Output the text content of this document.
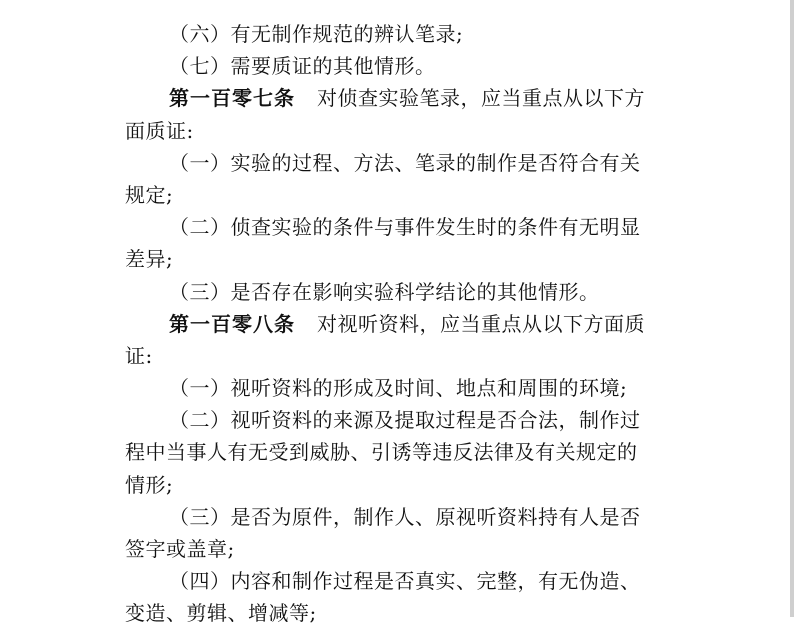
（六）有无制作规范的辨认笔录;
（七）需要质证的其他情形。
第一百零七条 对侦查实验笔录，应当重点从以下方
面质证:
（一）实验的过程、方法、笔录的制作是否符合有关
规定;
（二）侦查实验的条件与事件发生时的条件有无明显
差异;
（三）是否存在影响实验科学结论的其他情形。
第一百零八条 对视听资料，应当重点从以下方面质
证:
（一）视听资料的形成及时间、地点和周围的环境;
（二）视听资料的来源及提取过程是否合法，制作过
程中当事人有无受到威胁、引诱等违反法律及有关规定的
情形;
（三）是否为原件，制作人、原视听资料持有人是否
签字或盖章;
（四）内容和制作过程是否真实、完整，有无伪造、
变造、剪辑、增减等;
